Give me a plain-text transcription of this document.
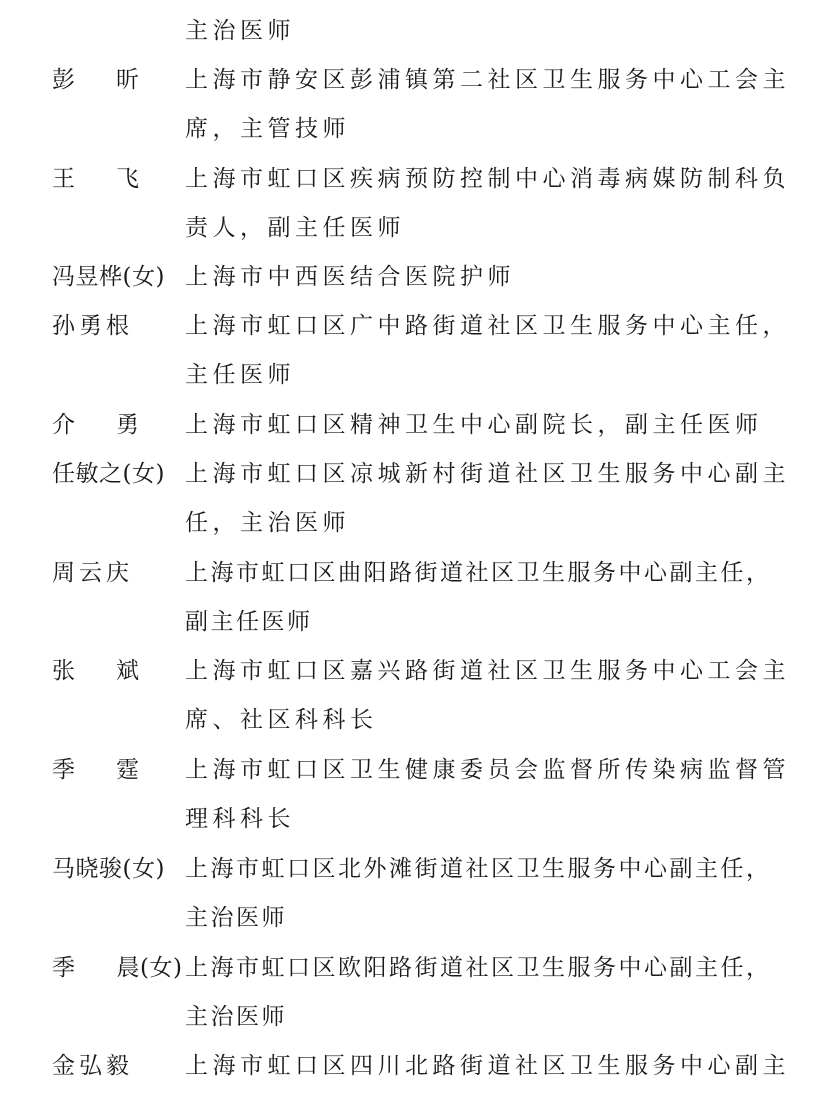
主治医师
彭昕 上海市静安区彭浦镇第二社区卫生服务中心工会主席，主管技师
王飞 上海市虹口区疾病预防控制中心消毒病媒防制科负责人，副主任医师
冯昱桦(女) 上海市中西医结合医院护师
孙勇根 上海市虹口区广中路街道社区卫生服务中心主任，主任医师
介勇 上海市虹口区精神卫生中心副院长，副主任医师
任敏之(女) 上海市虹口区凉城新村街道社区卫生服务中心副主任，主治医师
周云庆 上海市虹口区曲阳路街道社区卫生服务中心副主任，副主任医师
张斌 上海市虹口区嘉兴路街道社区卫生服务中心工会主席、社区科科长
季霆 上海市虹口区卫生健康委员会监督所传染病监督管理科科长
马晓骏(女) 上海市虹口区北外滩街道社区卫生服务中心副主任，主治医师
季 晨(女) 上海市虹口区欧阳路街道社区卫生服务中心副主任，主治医师
金弘毅 上海市虹口区四川北路街道社区卫生服务中心副主
